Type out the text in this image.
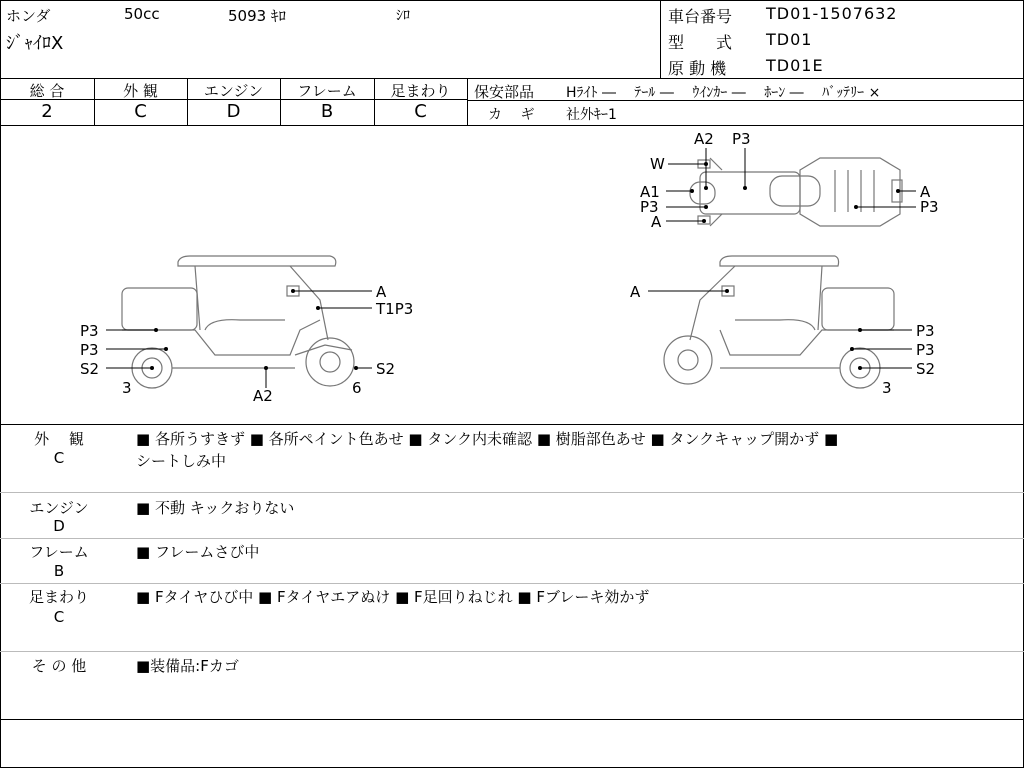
ホンダ	50cc	5093 ｷﾛ	ｼﾛ
ｼﾞｬｲﾛX
車台番号 TD01-1507632
型　　式 TD01
原 動 機 TD01E
総 合	外 観	エンジン	フレーム	足まわり
2	C	D	B	C
保安部品 Hﾗｲﾄ ―　 ﾃｰﾙ ―　 ｳｲﾝｶｰ ―　 ﾎｰﾝ ―　 ﾊﾞｯﾃﾘｰ ×
カ　 ギ 社外ｷｰ1
A2 P3
W
A1
P3
A
A
P3
A
T1P3
P3
P3
S2	S2
3	6
A2
A
P3
P3
S2
3
外　 観
C
■ 各所うすきず ■ 各所ペイント色あせ ■ タンク内未確認 ■ 樹脂部色あせ ■ タンクキャップ開かず ■
シートしみ中
エンジン
D
■ 不動 キックおりない
フレーム
B
■ フレームさび中
足まわり
C
■ Fタイヤひび中 ■ Fタイヤエアぬけ ■ F足回りねじれ ■ Fブレーキ効かず
そ の 他	■装備品:Fカゴ
